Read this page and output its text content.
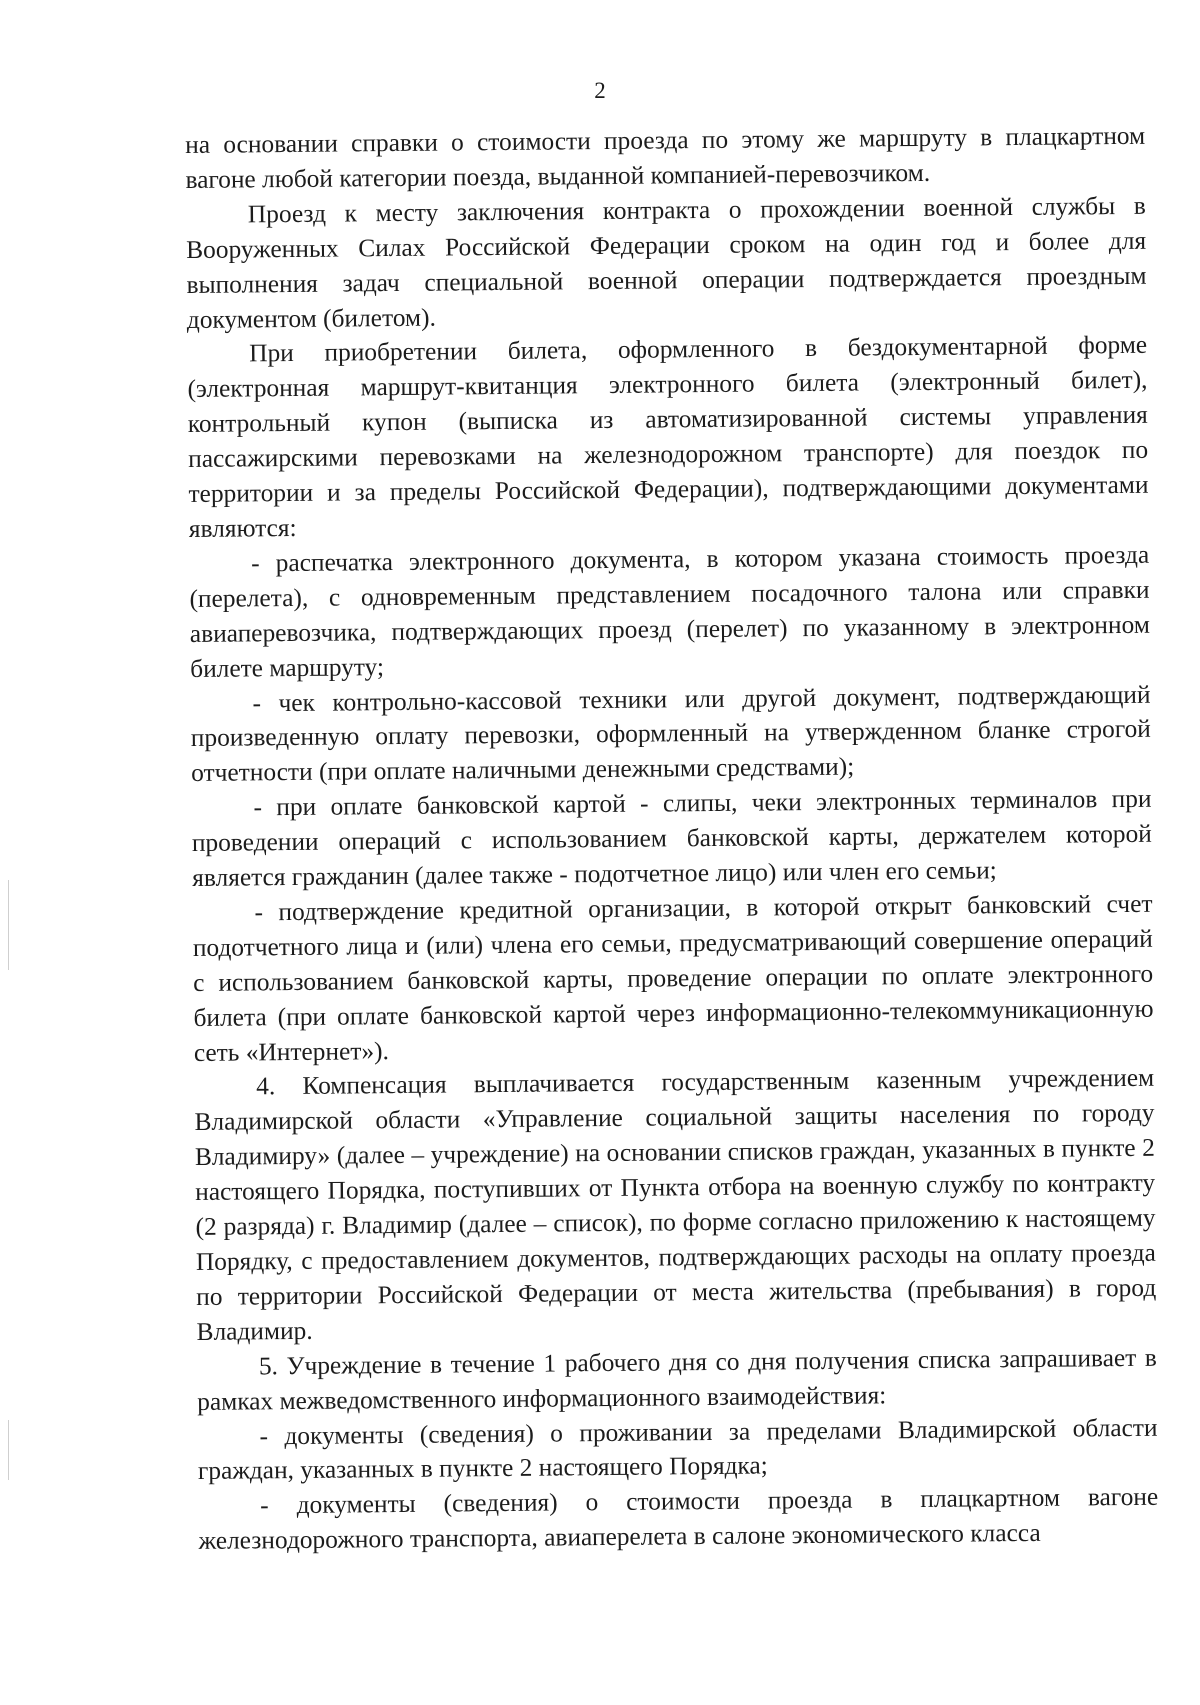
2

на основании справки о стоимости проезда по этому же маршруту в плацкартном вагоне любой категории поезда, выданной компанией-перевозчиком.

Проезд к месту заключения контракта о прохождении военной службы в Вооруженных Силах Российской Федерации сроком на один год и более для выполнения задач специальной военной операции подтверждается проездным документом (билетом).

При приобретении билета, оформленного в бездокументарной форме (электронная маршрут-квитанция электронного билета (электронный билет), контрольный купон (выписка из автоматизированной системы управления пассажирскими перевозками на железнодорожном транспорте) для поездок по территории и за пределы Российской Федерации), подтверждающими документами являются:

- распечатка электронного документа, в котором указана стоимость проезда (перелета), с одновременным представлением посадочного талона или справки авиаперевозчика, подтверждающих проезд (перелет) по указанному в электронном билете маршруту;

- чек контрольно-кассовой техники или другой документ, подтверждающий произведенную оплату перевозки, оформленный на утвержденном бланке строгой отчетности (при оплате наличными денежными средствами);

- при оплате банковской картой - слипы, чеки электронных терминалов при проведении операций с использованием банковской карты, держателем которой является гражданин (далее также - подотчетное лицо) или член его семьи;

- подтверждение кредитной организации, в которой открыт банковский счет подотчетного лица и (или) члена его семьи, предусматривающий совершение операций с использованием банковской карты, проведение операции по оплате электронного билета (при оплате банковской картой через информационно-телекоммуникационную сеть «Интернет»).

4. Компенсация выплачивается государственным казенным учреждением Владимирской области «Управление социальной защиты населения по городу Владимиру» (далее – учреждение) на основании списков граждан, указанных в пункте 2 настоящего Порядка, поступивших от Пункта отбора на военную службу по контракту (2 разряда) г. Владимир (далее – список), по форме согласно приложению к настоящему Порядку, с предоставлением документов, подтверждающих расходы на оплату проезда по территории Российской Федерации от места жительства (пребывания) в город Владимир.

5. Учреждение в течение 1 рабочего дня со дня получения списка запрашивает в рамках межведомственного информационного взаимодействия:

- документы (сведения) о проживании за пределами Владимирской области граждан, указанных в пункте 2 настоящего Порядка;

- документы (сведения) о стоимости проезда в плацкартном вагоне железнодорожного транспорта, авиаперелета в салоне экономического класса
